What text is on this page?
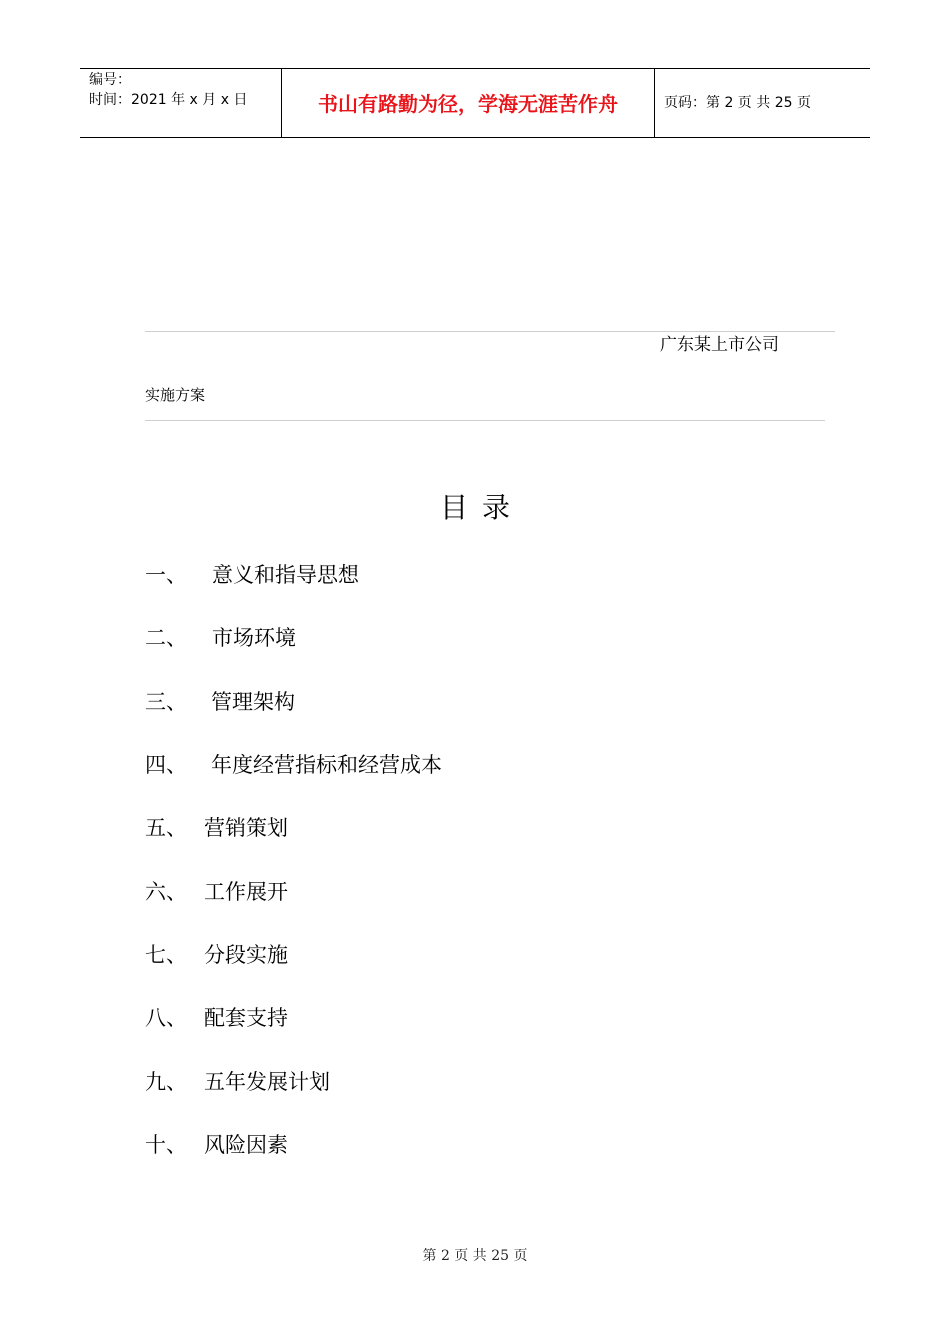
编号：
时间：2021 年 x 月 x 日	书山有路勤为径，学海无涯苦作舟	页码：第 2 页 共 25 页
广东某上市公司
实施方案
目录
一、 意义和指导思想
二、 市场环境
三、 管理架构
四、 年度经营指标和经营成本
五、 营销策划
六、 工作展开
七、 分段实施
八、 配套支持
九、 五年发展计划
十、 风险因素
第 2 页 共 25 页
